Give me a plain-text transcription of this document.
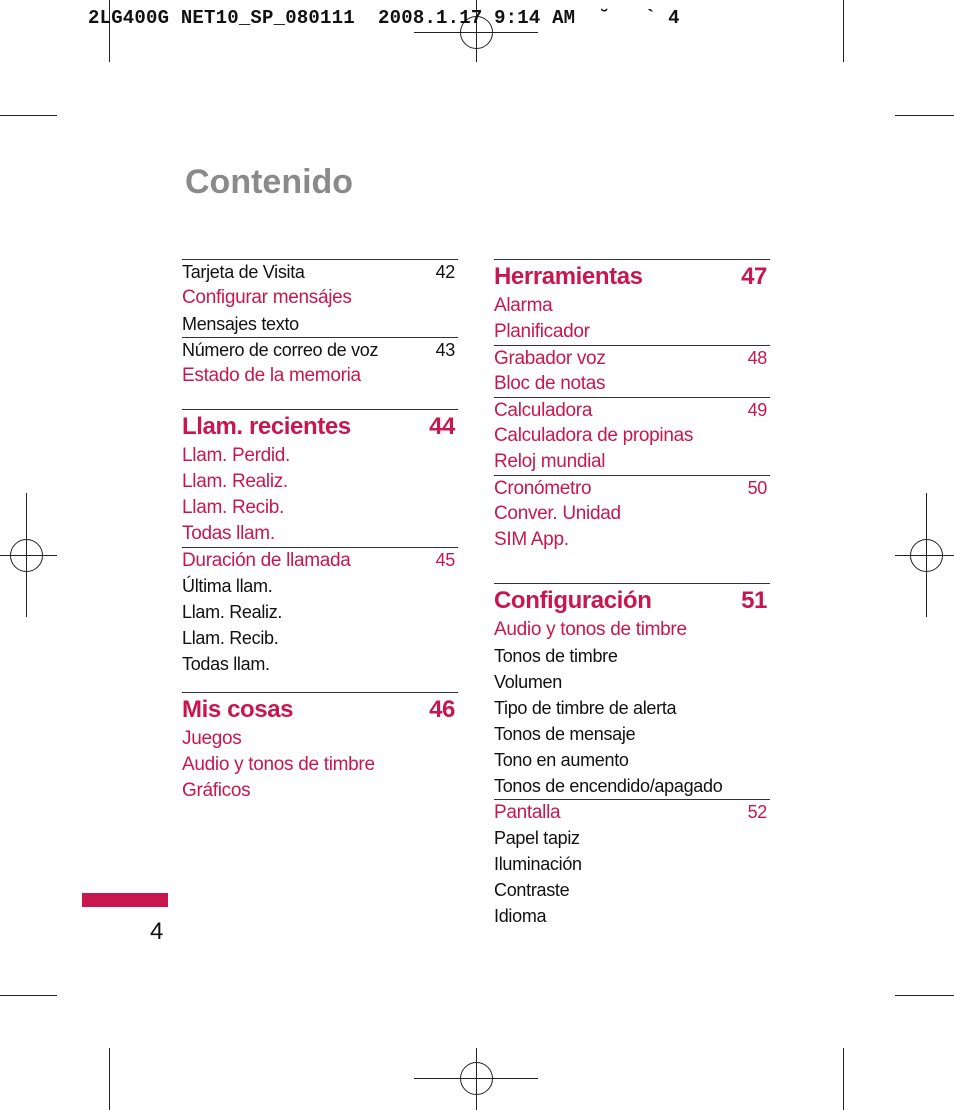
2LG400G NET10_SP_080111  2008.1.17 9:14 AM  ˘   ` 4
Contenido
Tarjeta de Visita	42
Configurar mensájes
Mensajes texto
Número de correo de voz	43
Estado de la memoria
Llam. recientes	44
Llam. Perdid.
Llam. Realiz.
Llam. Recib.
Todas llam.
Duración de llamada	45
Última llam.
Llam. Realiz.
Llam. Recib.
Todas llam.
Mis cosas	46
Juegos
Audio y tonos de timbre
Gráficos
Herramientas	47
Alarma
Planificador
Grabador voz	48
Bloc de notas
Calculadora	49
Calculadora de propinas
Reloj mundial
Cronómetro	50
Conver. Unidad
SIM App.
Configuración	51
Audio y tonos de timbre
Tonos de timbre
Volumen
Tipo de timbre de alerta
Tonos de mensaje
Tono en aumento
Tonos de encendido/apagado
Pantalla	52
Papel tapiz
Iluminación
Contraste
Idioma
4
